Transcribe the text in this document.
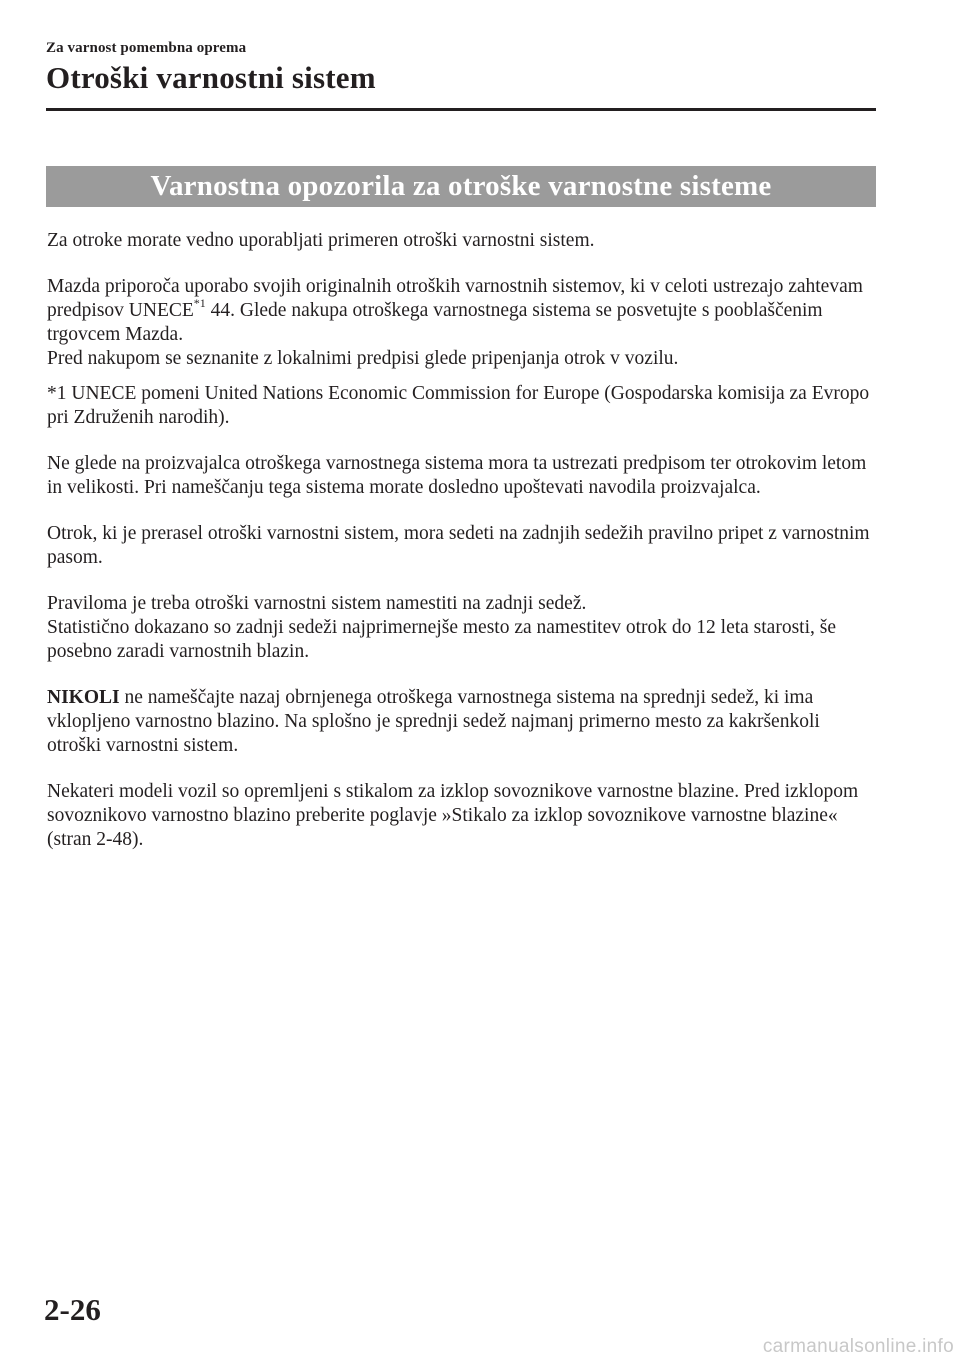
Za varnost pomembna oprema
Otroški varnostni sistem
Varnostna opozorila za otroške varnostne sisteme

Za otroke morate vedno uporabljati primeren otroški varnostni sistem.

Mazda priporoča uporabo svojih originalnih otroških varnostnih sistemov, ki v celoti ustrezajo zahtevam predpisov UNECE$^{*1}$ 44. Glede nakupa otroškega varnostnega sistema se posvetujte s pooblaščenim trgovcem Mazda.

Pred nakupom se seznanite z lokalnimi predpisi glede pripenjanja otrok v vozilu.

*1 UNECE pomeni United Nations Economic Commission for Europe (Gospodarska komisija za Evropo pri Združenih narodih).

Ne glede na proizvajalca otroškega varnostnega sistema mora ta ustrezati predpisom ter otrokovim letom in velikosti. Pri nameščanju tega sistema morate dosledno upoštevati navodila proizvajalca.

Otrok, ki je prerasel otroški varnostni sistem, mora sedeti na zadnjih sedežih pravilno pripet z varnostnim pasom.

Praviloma je treba otroški varnostni sistem namestiti na zadnji sedež.

Statistično dokazano so zadnji sedeži najprimernejše mesto za namestitev otrok do 12 leta starosti, še posebno zaradi varnostnih blazin.

NIKOLI ne nameščajte nazaj obrnjenega otroškega varnostnega sistema na sprednji sedež, ki ima vklopljeno varnostno blazino. Na splošno je sprednji sedež najmanj primerno mesto za kakršenkoli otroški varnostni sistem.

Nekateri modeli vozil so opremljeni s stikalom za izklop sovoznikove varnostne blazine. Pred izklopom sovoznikovo varnostno blazino preberite poglavje »Stikalo za izklop sovoznikove varnostne blazine« (stran 2-48).

2-26
carmanualsonline.info
